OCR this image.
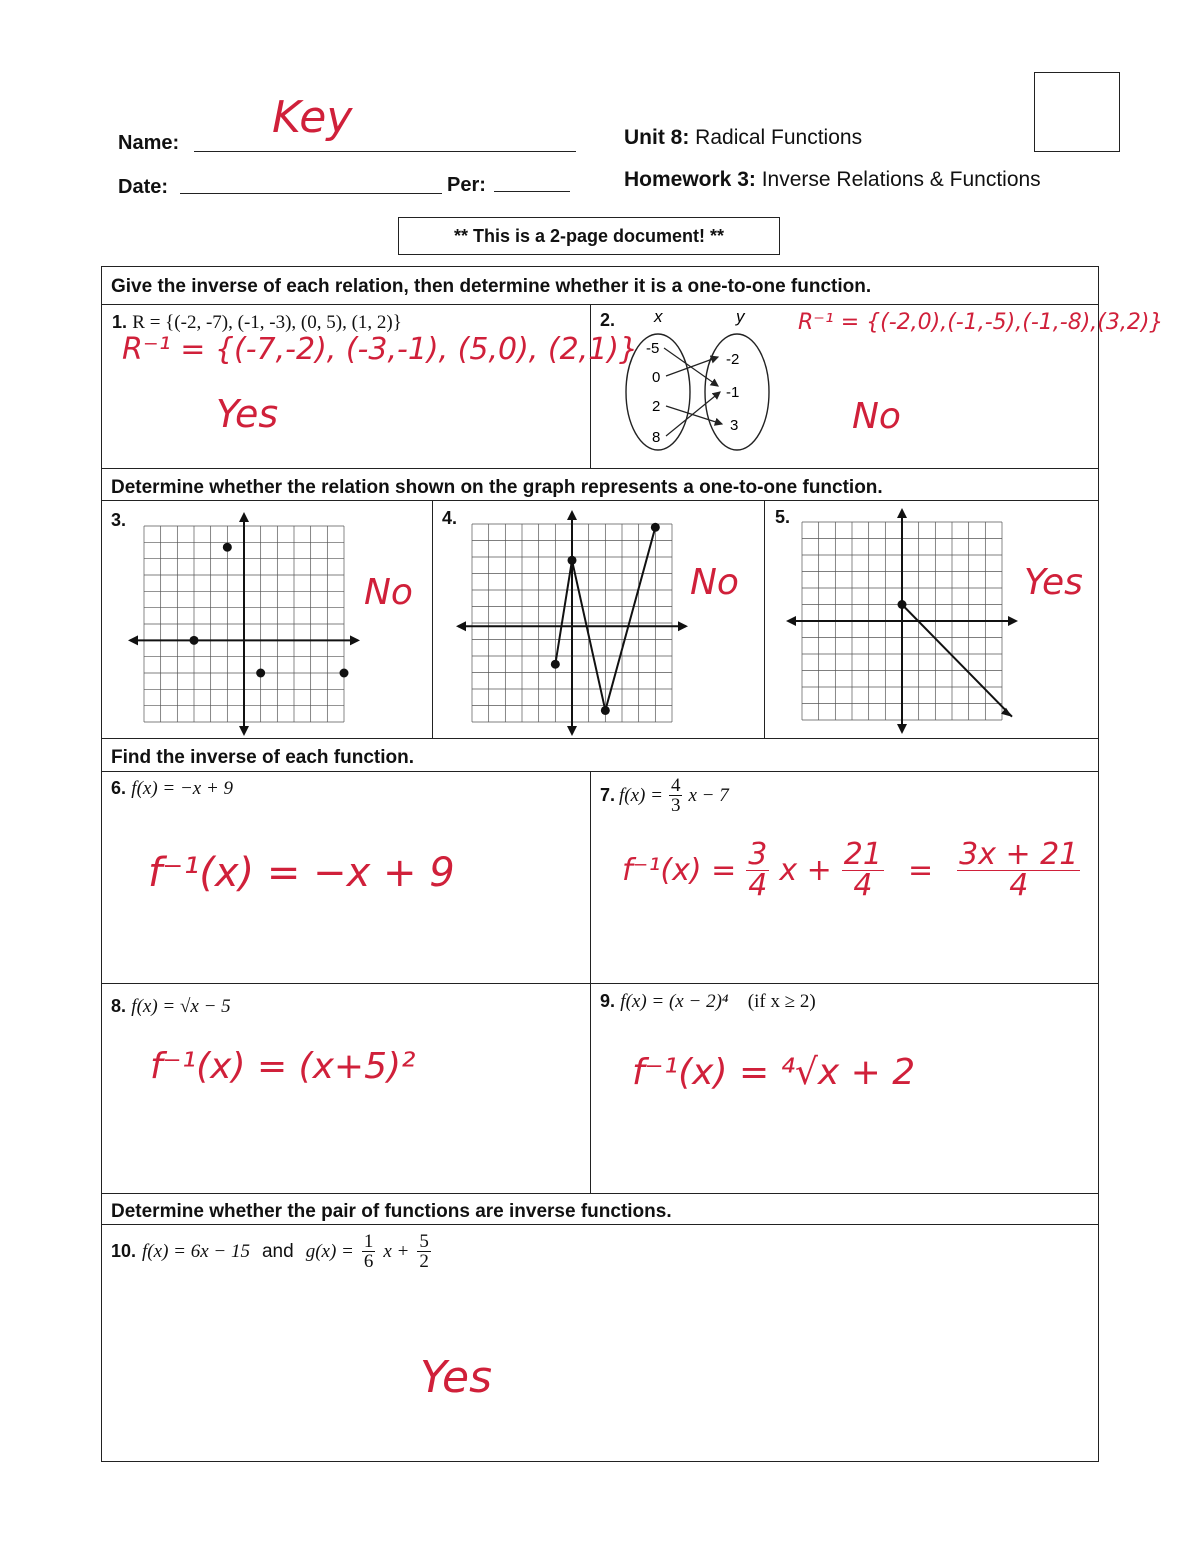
Name: Key
Date:	Per:
Unit 8: Radical Functions
Homework 3: Inverse Relations & Functions
** This is a 2-page document! **
Give the inverse of each relation, then determine whether it is a one-to-one function.
1. R = {(-2, -7), (-1, -3), (0, 5), (1, 2)}
R⁻¹ = {(-7,-2), (-3,-1), (5,0), (2,1)}
Yes
2. x	y
-5
0
2
8
-2
-1
3
R⁻¹ = {(-2,0),(-1,-5),(-1,-8),(3,2)}
No
Determine whether the relation shown on the graph represents a one-to-one function.
3.	4.	5.
No	No	Yes
Find the inverse of each function.
6. f(x) = −x + 9
f⁻¹(x) = −x + 9
7. $f(x) = \frac{4}{3}$ x − 7
$f^{-1}(x) = \frac{3}{4}$ $x + \frac{21}{4} = \frac{3x + 21}{4}$
8. f(x) = √x − 5
f⁻¹(x) = (x+5)²
9. f(x) = (x − 2)⁴ (if x ≥ 2)
f⁻¹(x) = ⁴√x + 2
Determine whether the pair of functions are inverse functions.
10. f(x) = 6x − 15 and $g(x) = \frac{1}{6}$ $x + \frac{5}{2}$
Yes
